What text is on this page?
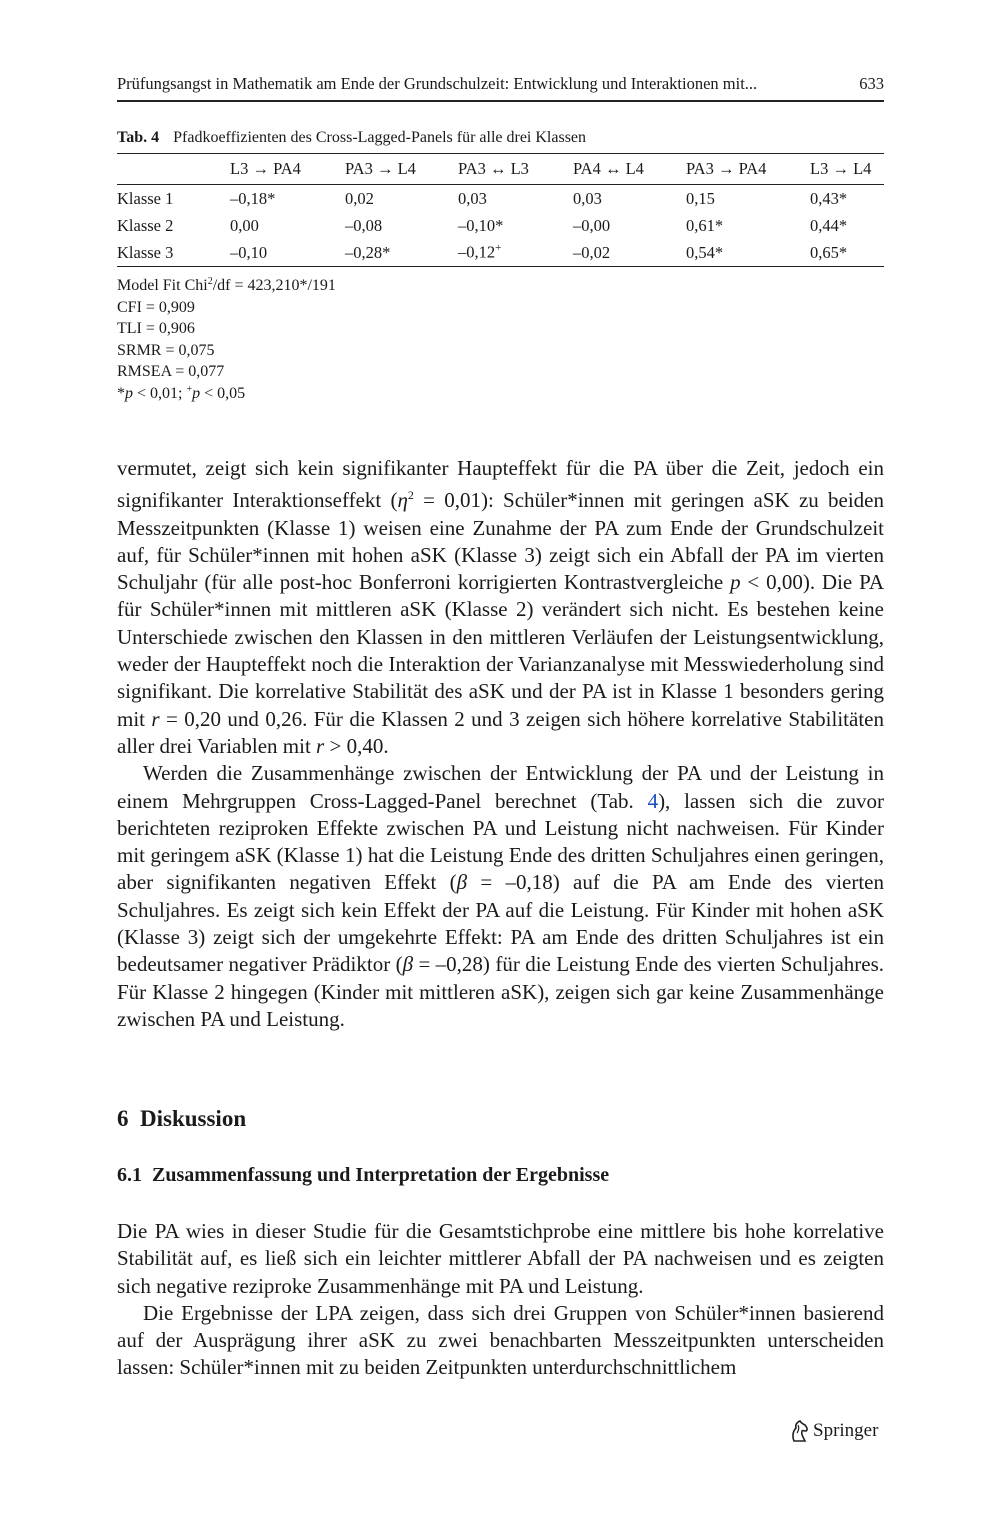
Prüfungsangst in Mathematik am Ende der Grundschulzeit: Entwicklung und Interaktionen mit...	633
Tab. 4 Pfadkoeffizienten des Cross-Lagged-Panels für alle drei Klassen
	L3 → PA4	PA3 → L4	PA3 ↔ L3	PA4 ↔ L4	PA3 → PA4	L3 → L4
Klasse 1	–0,18*	0,02	0,03	0,03	0,15	0,43*
Klasse 2	0,00	–0,08	–0,10*	–0,00	0,61*	0,44*
Klasse 3	–0,10	–0,28*	–0,12+	–0,02	0,54*	0,65*
Model Fit Chi$^2$/df = 423,210*/191
CFI = 0,909
TLI = 0,906
SRMR = 0,075
RMSEA = 0,077
*p < 0,01; +p < 0,05

vermutet, zeigt sich kein signifikanter Haupteffekt für die PA über die Zeit, jedoch ein signifikanter Interaktionseffekt $(\eta^2 = 0,01)$: Schüler*innen mit geringen aSK zu beiden Messzeitpunkten (Klasse 1) weisen eine Zunahme der PA zum Ende der Grundschulzeit auf, für Schüler*innen mit hohen aSK (Klasse 3) zeigt sich ein Abfall der PA im vierten Schuljahr (für alle post-hoc Bonferroni korrigierten Kontrastvergleiche p < 0,00). Die PA für Schüler*innen mit mittleren aSK (Klasse 2) verändert sich nicht. Es bestehen keine Unterschiede zwischen den Klassen in den mittleren Verläufen der Leistungsentwicklung, weder der Haupteffekt noch die Interaktion der Varianzanalyse mit Messwiederholung sind signifikant. Die korrelative Stabilität des aSK und der PA ist in Klasse 1 besonders gering mit r = 0,20 und 0,26. Für die Klassen 2 und 3 zeigen sich höhere korrelative Stabilitäten aller drei Variablen mit r > 0,40.

Werden die Zusammenhänge zwischen der Entwicklung der PA und der Leistung in einem Mehrgruppen Cross-Lagged-Panel berechnet (Tab. 4), lassen sich die zuvor berichteten reziproken Effekte zwischen PA und Leistung nicht nachweisen. Für Kinder mit geringem aSK (Klasse 1) hat die Leistung Ende des dritten Schuljahres einen geringen, aber signifikanten negativen Effekt (β = –0,18) auf die PA am Ende des vierten Schuljahres. Es zeigt sich kein Effekt der PA auf die Leistung. Für Kinder mit hohen aSK (Klasse 3) zeigt sich der umgekehrte Effekt: PA am Ende des dritten Schuljahres ist ein bedeutsamer negativer Prädiktor (β = –0,28) für die Leistung Ende des vierten Schuljahres. Für Klasse 2 hingegen (Kinder mit mittleren aSK), zeigen sich gar keine Zusammenhänge zwischen PA und Leistung.

6 Diskussion
6.1 Zusammenfassung und Interpretation der Ergebnisse

Die PA wies in dieser Studie für die Gesamtstichprobe eine mittlere bis hohe korrelative Stabilität auf, es ließ sich ein leichter mittlerer Abfall der PA nachweisen und es zeigten sich negative reziproke Zusammenhänge mit PA und Leistung.

Die Ergebnisse der LPA zeigen, dass sich drei Gruppen von Schüler*innen basierend auf der Ausprägung ihrer aSK zu zwei benachbarten Messzeitpunkten unterscheiden lassen: Schüler*innen mit zu beiden Zeitpunkten unterdurchschnittlichem

Springer
